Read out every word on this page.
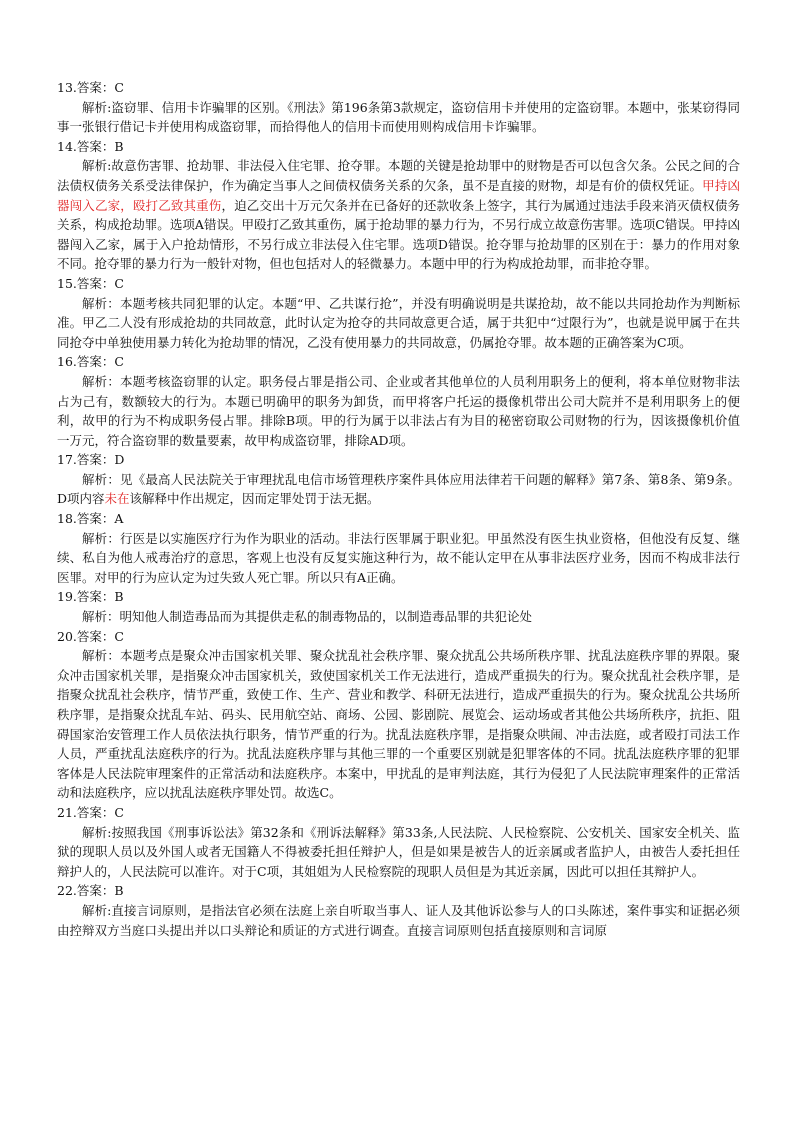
13.答案：C
解析:盗窃罪、信用卡诈骗罪的区别。《刑法》第196条第3款规定，盗窃信用卡并使用的定盗窃罪。本题中，张某窃得同事一张银行借记卡并使用构成盗窃罪，而拾得他人的信用卡而使用则构成信用卡诈骗罪。
14.答案：B
解析:故意伤害罪、抢劫罪、非法侵入住宅罪、抢夺罪。本题的关键是抢劫罪中的财物是否可以包含欠条。公民之间的合法债权债务关系受法律保护，作为确定当事人之间债权债务关系的欠条，虽不是直接的财物，却是有价的债权凭证。甲持凶器闯入乙家，殴打乙致其重伤，迫乙交出十万元欠条并在已备好的还款收条上签字，其行为属通过违法手段来消灭债权债务关系，构成抢劫罪。选项A错误。甲殴打乙致其重伤，属于抢劫罪的暴力行为，不另行成立故意伤害罪。选项C错误。甲持凶器闯入乙家，属于入户抢劫情形，不另行成立非法侵入住宅罪。选项D错误。抢夺罪与抢劫罪的区别在于：暴力的作用对象不同。抢夺罪的暴力行为一般针对物，但也包括对人的轻微暴力。本题中甲的行为构成抢劫罪，而非抢夺罪。
15.答案：C
解析：本题考核共同犯罪的认定。本题“甲、乙共谋行抢”，并没有明确说明是共谋抢劫，故不能以共同抢劫作为判断标准。甲乙二人没有形成抢劫的共同故意，此时认定为抢夺的共同故意更合适，属于共犯中“过限行为”，也就是说甲属于在共同抢夺中单独使用暴力转化为抢劫罪的情况，乙没有使用暴力的共同故意，仍属抢夺罪。故本题的正确答案为C项。
16.答案：C
解析：本题考核盗窃罪的认定。职务侵占罪是指公司、企业或者其他单位的人员利用职务上的便利，将本单位财物非法占为己有，数额较大的行为。本题已明确甲的职务为卸货，而甲将客户托运的摄像机带出公司大院并不是利用职务上的便利，故甲的行为不构成职务侵占罪。排除B项。甲的行为属于以非法占有为目的秘密窃取公司财物的行为，因该摄像机价值一万元，符合盗窃罪的数量要素，故甲构成盗窃罪，排除AD项。
17.答案：D
解析：见《最高人民法院关于审理扰乱电信市场管理秩序案件具体应用法律若干问题的解释》第7条、第8条、第9条。D项内容未在该解释中作出规定，因而定罪处罚于法无据。
18.答案：A
解析：行医是以实施医疗行为作为职业的活动。非法行医罪属于职业犯。甲虽然没有医生执业资格，但他没有反复、继续、私自为他人戒毒治疗的意思，客观上也没有反复实施这种行为，故不能认定甲在从事非法医疗业务，因而不构成非法行医罪。对甲的行为应认定为过失致人死亡罪。所以只有A正确。
19.答案：B
解析：明知他人制造毒品而为其提供走私的制毒物品的，以制造毒品罪的共犯论处
20.答案：C
解析：本题考点是聚众冲击国家机关罪、聚众扰乱社会秩序罪、聚众扰乱公共场所秩序罪、扰乱法庭秩序罪的界限。聚众冲击国家机关罪，是指聚众冲击国家机关，致使国家机关工作无法进行，造成严重损失的行为。聚众扰乱社会秩序罪，是指聚众扰乱社会秩序，情节严重，致使工作、生产、营业和教学、科研无法进行，造成严重损失的行为。聚众扰乱公共场所秩序罪，是指聚众扰乱车站、码头、民用航空站、商场、公园、影剧院、展览会、运动场或者其他公共场所秩序，抗拒、阻碍国家治安管理工作人员依法执行职务，情节严重的行为。扰乱法庭秩序罪，是指聚众哄闹、冲击法庭，或者殴打司法工作人员，严重扰乱法庭秩序的行为。扰乱法庭秩序罪与其他三罪的一个重要区别就是犯罪客体的不同。扰乱法庭秩序罪的犯罪客体是人民法院审理案件的正常活动和法庭秩序。本案中，甲扰乱的是审判法庭，其行为侵犯了人民法院审理案件的正常活动和法庭秩序，应以扰乱法庭秩序罪处罚。故选C。
21.答案：C
解析:按照我国《刑事诉讼法》第32条和《刑诉法解释》第33条,人民法院、人民检察院、公安机关、国家安全机关、监狱的现职人员以及外国人或者无国籍人不得被委托担任辩护人，但是如果是被告人的近亲属或者监护人，由被告人委托担任辩护人的，人民法院可以准许。对于C项，其姐姐为人民检察院的现职人员但是为其近亲属，因此可以担任其辩护人。
22.答案：B
解析:直接言词原则，是指法官必须在法庭上亲自听取当事人、证人及其他诉讼参与人的口头陈述，案件事实和证据必须由控辩双方当庭口头提出并以口头辩论和质证的方式进行调查。直接言词原则包括直接原则和言词原
